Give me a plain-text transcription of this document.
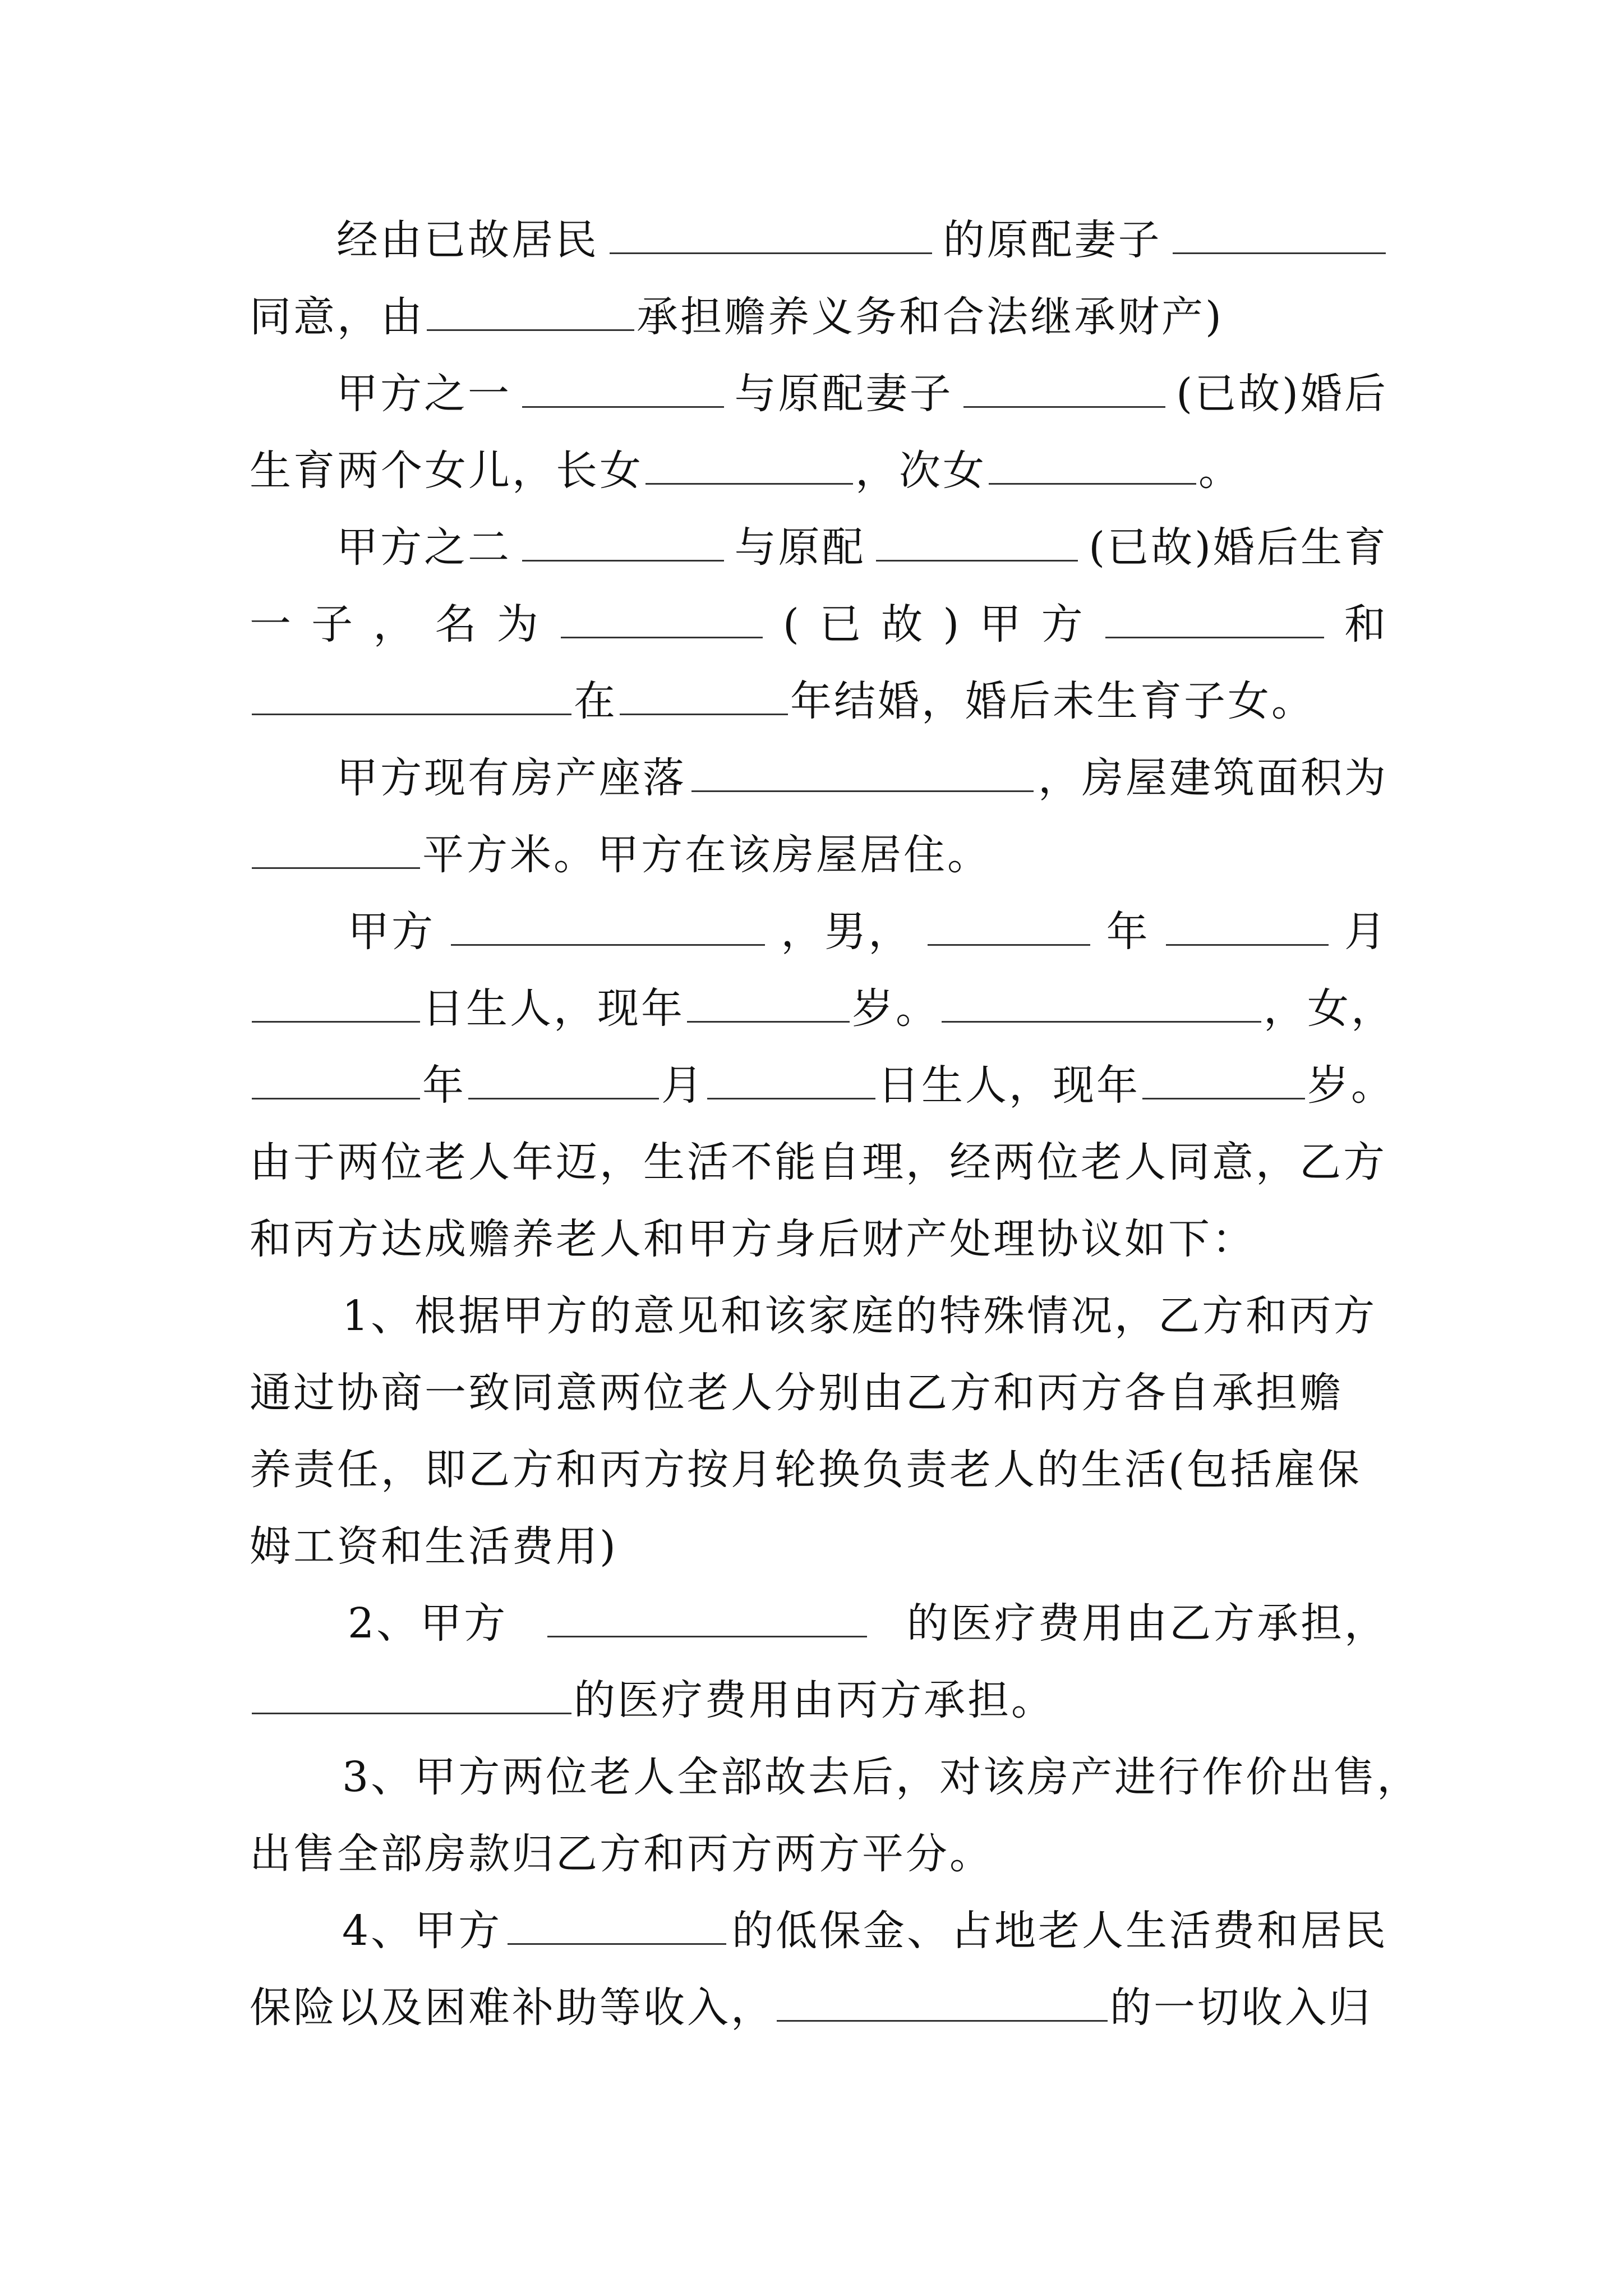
经由已故居民	的原配妻子
同意，由	承担赡养义务和合法继承财产)
甲方之一	与原配妻子	(已故)婚后
生育两个女儿，长女	，次女	。
甲方之二	与原配	(已故)婚后生育
一 子 ， 名 为	( 已 故 ) 甲 方	和
在	年结婚，婚后未生育子女。
甲方现有房产座落	，房屋建筑面积为
平方米。甲方在该房屋居住。
甲方	，男，	年	月
日生人，现年	岁。	，女，
年	月	日生人，现年	岁。
由于两位老人年迈，生活不能自理，经两位老人同意，乙方
和丙方达成赡养老人和甲方身后财产处理协议如下：
1、根据甲方的意见和该家庭的特殊情况，乙方和丙方
通过协商一致同意两位老人分别由乙方和丙方各自承担赡
养责任，即乙方和丙方按月轮换负责老人的生活(包括雇保
姆工资和生活费用)
2、甲方	的医疗费用由乙方承担，
的医疗费用由丙方承担。
3、甲方两位老人全部故去后，对该房产进行作价出售，
出售全部房款归乙方和丙方两方平分。
4、甲方	的低保金、占地老人生活费和居民
保险以及困难补助等收入，	的一切收入归
